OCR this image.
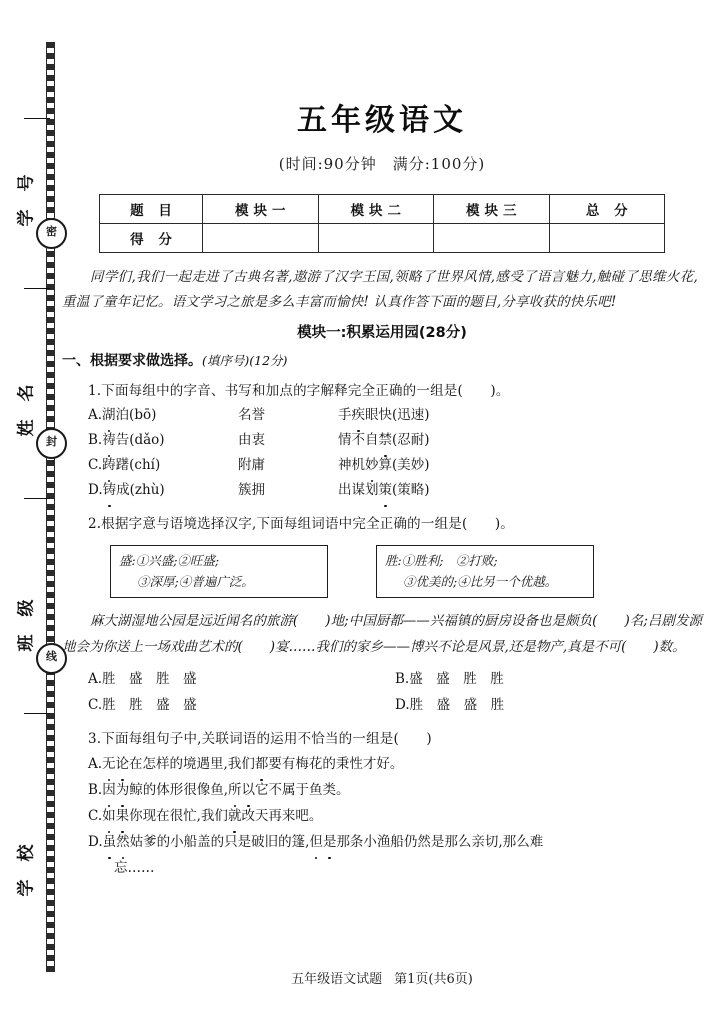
学 号
密
姓 名
封
班 级
线
学 校
五年级语文
(时间:90分钟　满分:100分)
题 目	模块一	模块二	模块三	总 分
得 分				

同学们,我们一起走进了古典名著,遨游了汉字王国,领略了世界风情,感受了语言魅力,触碰了思维火花,重温了童年记忆。语文学习之旅是多么丰富而愉快! 认真作答下面的题目,分享收获的快乐吧!

模块一:积累运用园(28分)
一、根据要求做选择。(填序号)(12分)
1.下面每组中的字音、书写和加点的字解释完全正确的一组是(　　)。
A.湖泊(bō)	名誉	手疾眼快(迅速)
B.祷告(dǎo)	由衷	情不自禁(忍耐)
C.踌躇(chí)	附庸	神机妙算(美妙)
D.铸成(zhù)	簇拥	出谋划策(策略)
2.根据字意与语境选择汉字,下面每组词语中完全正确的一组是(　　)。
盛:①兴盛;②旺盛;
③深厚;④普遍广泛。
胜:①胜利;　②打败;
③优美的;④比另一个优越。

麻大湖湿地公园是远近闻名的旅游(　　)地;中国厨都——兴福镇的厨房设备也是颇负(　　)名;吕剧发源地会为你送上一场戏曲艺术的(　　)宴……我们的家乡——博兴不论是风景,还是物产,真是不可(　　)数。

A.胜　盛　胜　盛	B.盛　盛　胜　胜
C.胜　胜　盛　盛	D.胜　盛　盛　胜
3.下面每组句子中,关联词语的运用不恰当的一组是(　　)
A.无论在怎样的境遇里,我们都要有梅花的秉性才好。
B.因为鲸的体形很像鱼,所以它不属于鱼类。
C.如果你现在很忙,我们就改天再来吧。
D.虽然姑爹的小船盖的只是破旧的篷,但是那条小渔船仍然是那么亲切,那么难
忘……
五年级语文试题 第1页(共6页)
